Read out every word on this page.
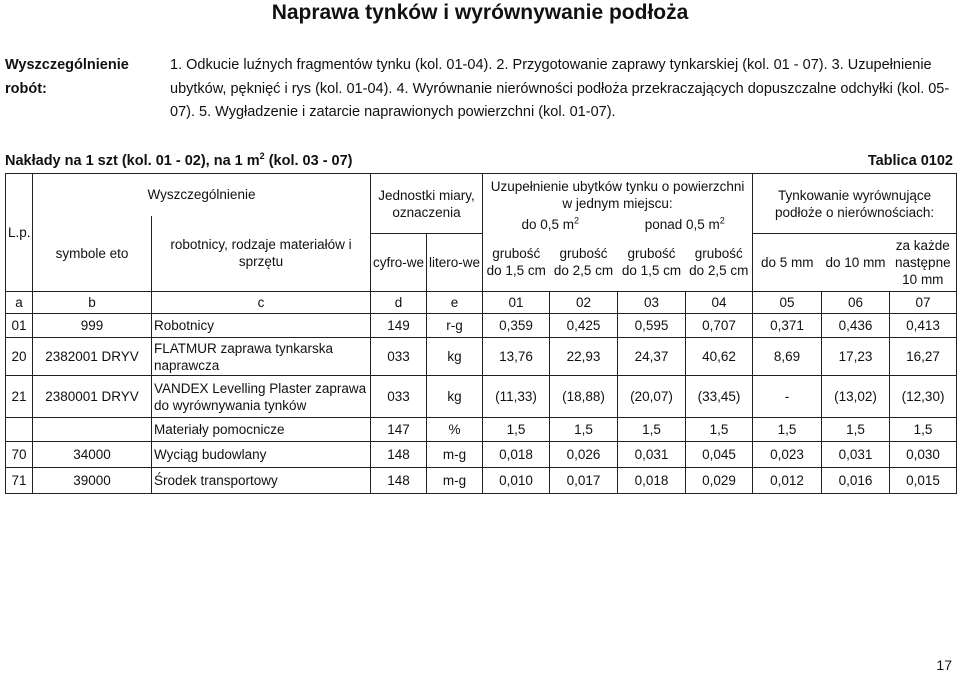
Naprawa tynków i wyrównywanie podłoża
Wyszczególnienie robót:1. Odkucie luźnych fragmentów tynku (kol. 01-04). 2. Przygotowanie zaprawy tynkarskiej (kol. 01 - 07). 3. Uzupełnienie ubytków, pęknięć i rys (kol. 01-04). 4. Wyrównanie nierówności podłoża przekraczających dopuszczalne odchyłki (kol. 05-07). 5. Wygładzenie i zatarcie naprawionych powierzchni (kol. 01-07).
Nakłady na 1 szt (kol. 01 - 02), na 1 $m^2$ (kol. 03 - 07)	Tablica 0102
L.p.	Wyszczególnienie		Jednostki miary, oznaczenia		Uzupełnienie ubytków tynku o powierzchni w jednym miejscu:				Tynkowanie wyrównujące podłoże o nierównościach:		
	symbole eto	robotnicy, rodzaje materiałów i sprzętu			do 0,5 $m^2$		ponad 0,5 $m^2$
			cyfro-we	litero-we	grubość do 1,5 cm	grubość do 2,5 cm	grubość do 1,5 cm	grubość do 2,5 cm	do 5 mm	do 10 mm	za każde następne 10 mm
a	b	c	d	e	01	02	03	04	05	06	07
01	999	Robotnicy	149	r-g	0,359	0,425	0,595	0,707	0,371	0,436	0,413
20	2382001 DRYV	FLATMUR zaprawa tynkarska naprawcza	033	kg	13,76	22,93	24,37	40,62	8,69	17,23	16,27
21	2380001 DRYV	VANDEX Levelling Plaster zaprawa do wyrównywania tynków	033	kg	(11,33)	(18,88)	(20,07)	(33,45)	-	(13,02)	(12,30)
		Materiały pomocnicze	147	%	1,5	1,5	1,5	1,5	1,5	1,5	1,5
70	34000	Wyciąg budowlany	148	m-g	0,018	0,026	0,031	0,045	0,023	0,031	0,030
71	39000	Środek transportowy	148	m-g	0,010	0,017	0,018	0,029	0,012	0,016	0,015
17
